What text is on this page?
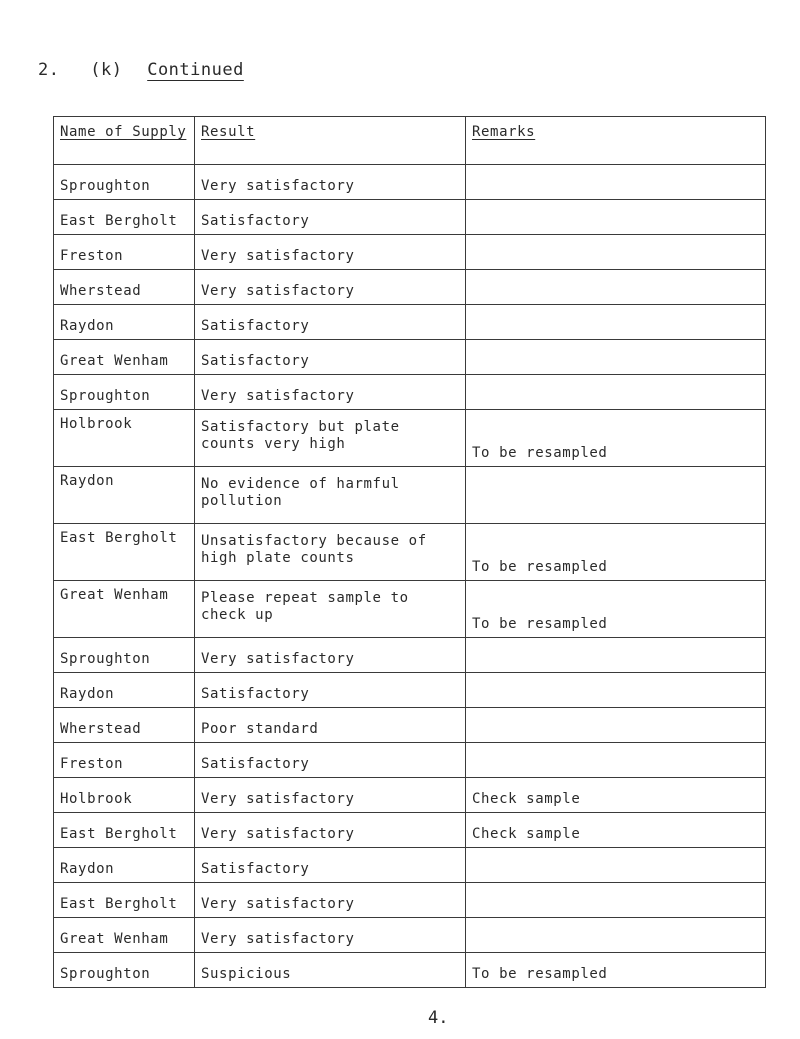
2. (k) Continued
Name of Supply	Result	Remarks
Sproughton	Very satisfactory	
East Bergholt	Satisfactory	
Freston	Very satisfactory	
Wherstead	Very satisfactory	
Raydon	Satisfactory	
Great Wenham	Satisfactory	
Sproughton	Very satisfactory	
Holbrook	Satisfactory but plate counts very high	To be resampled
Raydon	No evidence of harmful pollution	
East Bergholt	Unsatisfactory because of high plate counts	To be resampled
Great Wenham	Please repeat sample to check up	To be resampled
Sproughton	Very satisfactory	
Raydon	Satisfactory	
Wherstead	Poor standard	
Freston	Satisfactory	
Holbrook	Very satisfactory	Check sample
East Bergholt	Very satisfactory	Check sample
Raydon	Satisfactory	
East Bergholt	Very satisfactory	
Great Wenham	Very satisfactory	
Sproughton	Suspicious	To be resampled
4.
